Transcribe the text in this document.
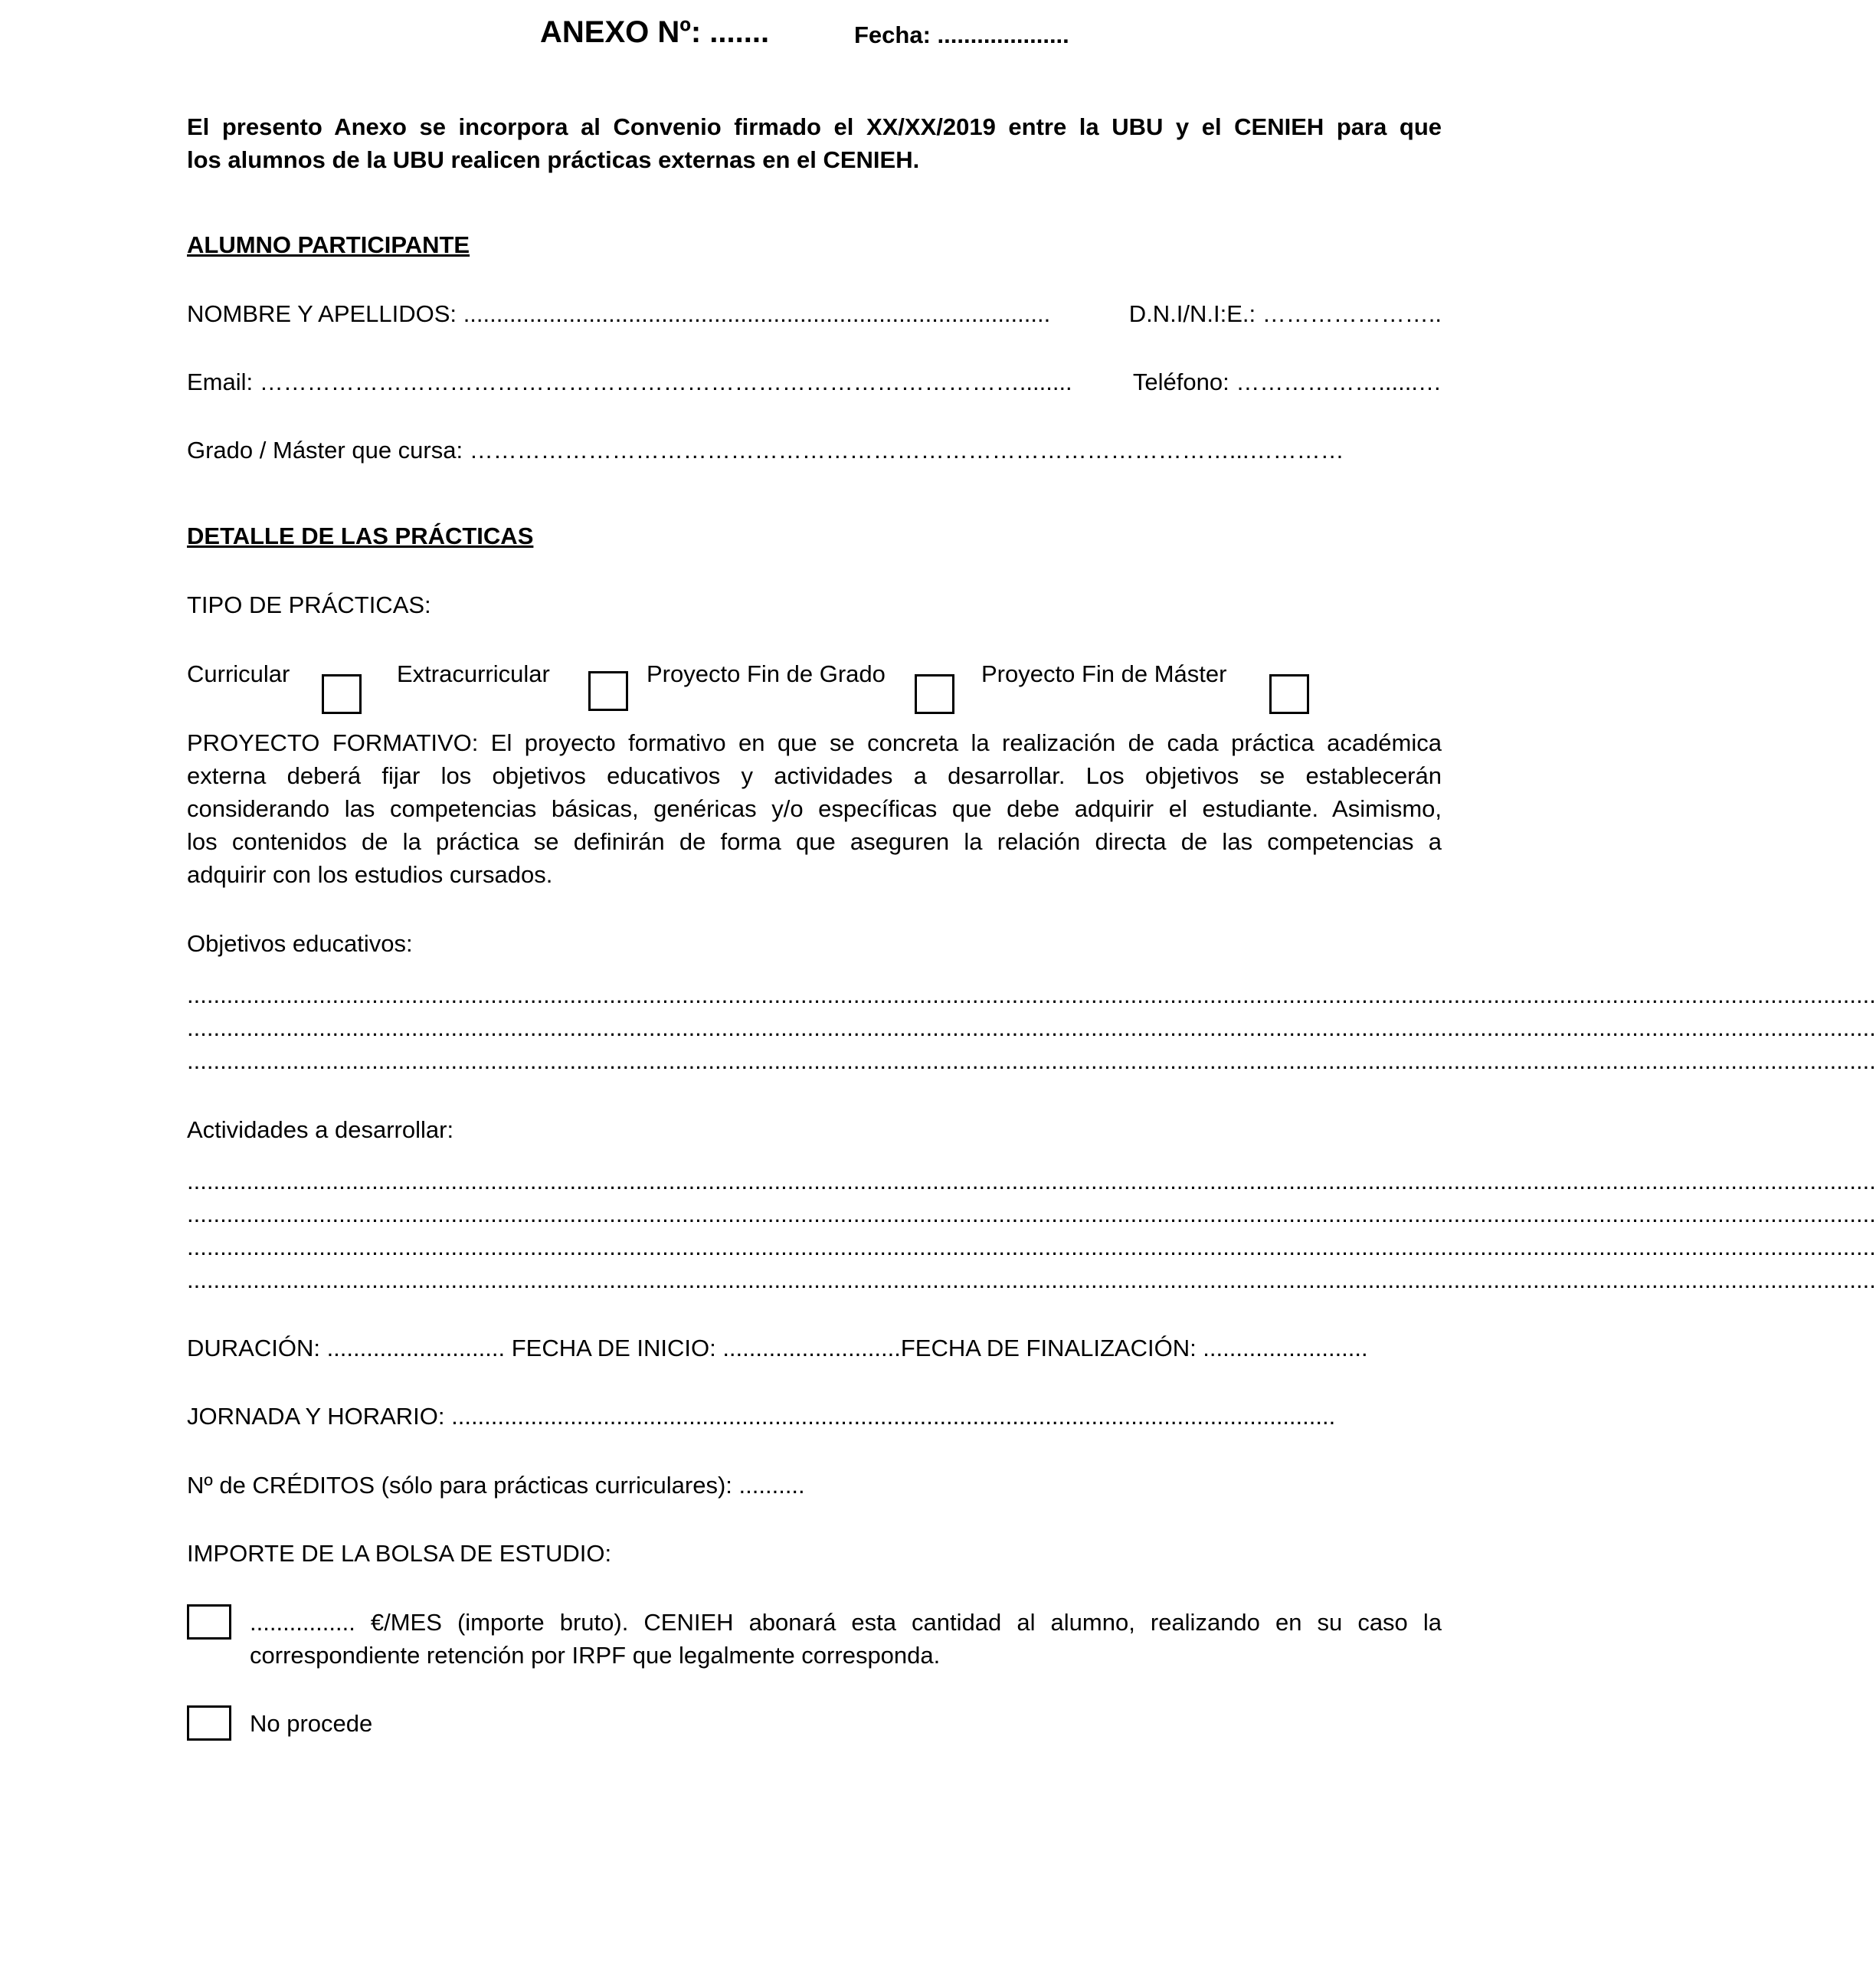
ANEXO Nº: .......	Fecha: ....................
El presento Anexo se incorpora al Convenio firmado el XX/XX/2019 entre la UBU y el CENIEH para que
los alumnos de la UBU realicen prácticas externas en el CENIEH.
ALUMNO PARTICIPANTE
NOMBRE Y APELLIDOS: .........................................................................................	D.N.I/N.I:E.: …………………..
Email: ……………………………………………………………………………………........	Teléfono: ………………......…
Grado / Máster que cursa: ……………………………………………………………………………………...…………
DETALLE DE LAS PRÁCTICAS
TIPO DE PRÁCTICAS:
Curricular	Extracurricular	Proyecto Fin de Grado	Proyecto Fin de Máster
PROYECTO FORMATIVO: El proyecto formativo en que se concreta la realización de cada práctica académica
externa deberá fijar los objetivos educativos y actividades a desarrollar. Los objetivos se establecerán
considerando las competencias básicas, genéricas y/o específicas que debe adquirir el estudiante. Asimismo,
los contenidos de la práctica se definirán de forma que aseguren la relación directa de las competencias a
adquirir con los estudios cursados.
Objetivos educativos:
................................................................................................................................................................................................................................................................
................................................................................................................................................................................................................................................................
................................................................................................................................................................................................................................................................
Actividades a desarrollar:
................................................................................................................................................................................................................................................................
................................................................................................................................................................................................................................................................
................................................................................................................................................................................................................................................................
................................................................................................................................................................................................................................................................
DURACIÓN: ........................... FECHA DE INICIO: ...........................FECHA DE FINALIZACIÓN: .........................
JORNADA Y HORARIO: ......................................................................................................................................
Nº de CRÉDITOS (sólo para prácticas curriculares): ..........
IMPORTE DE LA BOLSA DE ESTUDIO:
................ €/MES (importe bruto). CENIEH abonará esta cantidad al alumno, realizando en su caso la
correspondiente retención por IRPF que legalmente corresponda.
No procede
